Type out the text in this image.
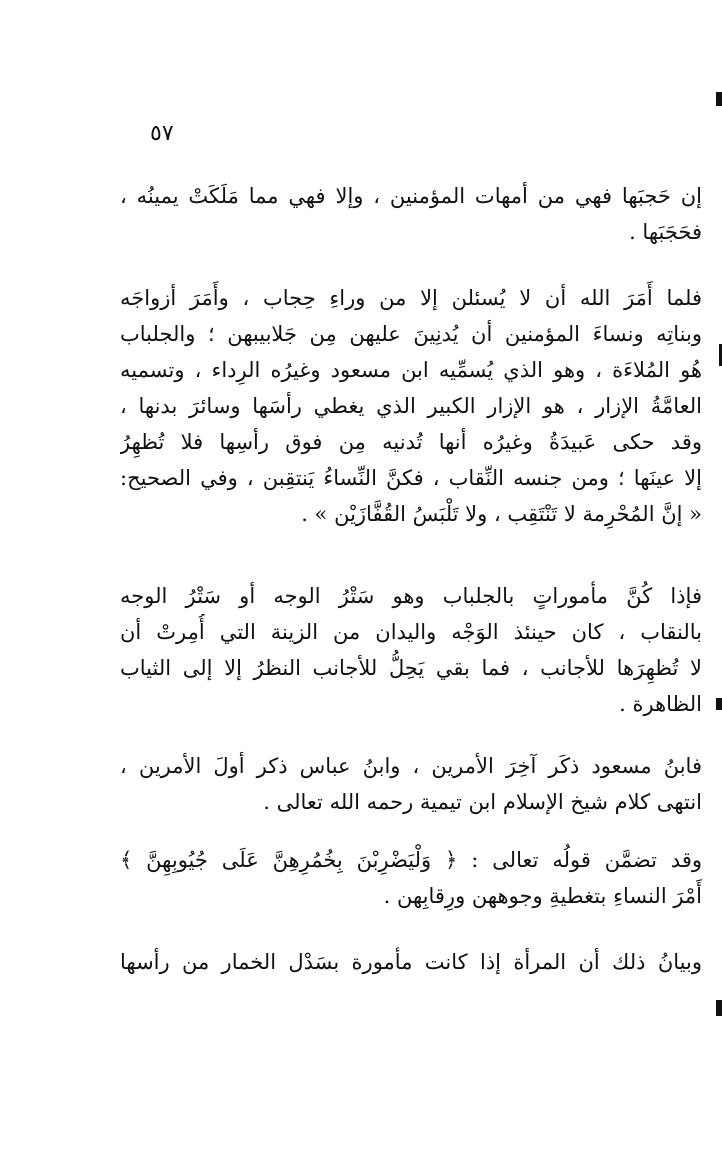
٥٧
إن حَجبَها فهي من أمهات المؤمنين ، وإلا فهي مما مَلَكَتْ يمينُه ،
فحَجَبَها .
فلما أَمَرَ الله أن لا يُسئلن إلا من وراءِ حِجاب ، وأَمَرَ أزواجَه
وبناتِه ونساءَ المؤمنين أن يُدنِينَ عليهن مِن جَلابيبهن ؛ والجلباب
هُو المُلاءَة ، وهو الذي يُسمِّيه ابن مسعود وغيرُه الرِداء ، وتسميه
العامَّةُ الإزار ، هو الإزار الكبير الذي يغطي رأسَها وسائرَ بدنها ،
وقد حكى عَبيدَةُ وغيرُه أنها تُدنيه مِن فوق رأسِها فلا تُظهِرُ
إلا عينَها ؛ ومن جنسه النِّقاب ، فكنَّ النِّساءُ يَنتقِبن ، وفي الصحيح:
« إنَّ المُحْرِمة لا تَنْتَقِب ، ولا تَلْبَسُ القُفَّازَيْن » .
فإذا كُنَّ مأموراتٍ بالجلباب وهو سَتْرُ الوجه أو سَتْرُ الوجه
بالنقاب ، كان حينئذ الوَجْه واليدان من الزينة التي أُمِرتْ أن
لا تُظهِرَها للأجانب ، فما بقي يَحِلُّ للأجانب النظرُ إلا إلى الثياب
الظاهرة .
فابنُ مسعود ذكَر آخِرَ الأمرين ، وابنُ عباس ذكر أولَ الأمرين ،
انتهى كلام شيخ الإسلام ابن تيمية رحمه الله تعالى .
وقد تضمَّن قولُه تعالى : ﴿ وَلْيَضْرِبْنَ بِخُمُرِهِنَّ عَلَى جُيُوبِهِنَّ ﴾
أَمْرَ النساءِ بتغطيةِ وجوههن ورِقابِهن .
وبيانُ ذلك أن المرأة إذا كانت مأمورة بسَدْل الخمار من رأسها
